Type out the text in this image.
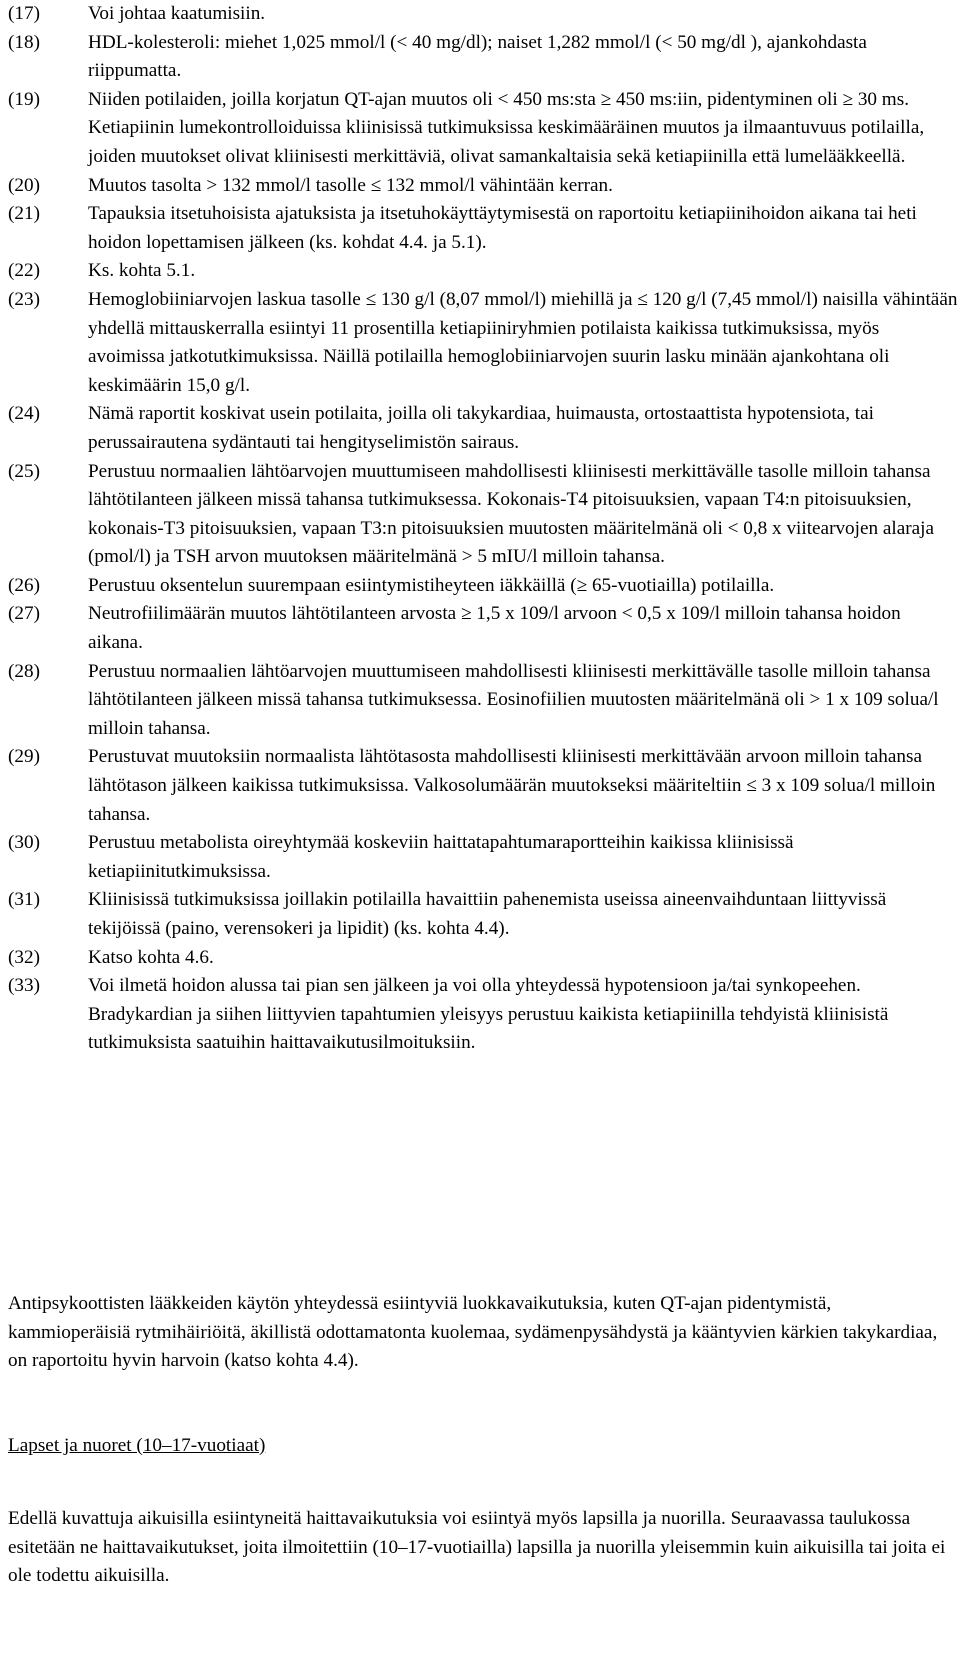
(17)	Voi johtaa kaatumisiin.
(18)	HDL-kolesteroli: miehet 1,025 mmol/l (< 40 mg/dl); naiset 1,282 mmol/l (< 50 mg/dl ), ajankohdasta riippumatta.
(19)	Niiden potilaiden, joilla korjatun QT-ajan muutos oli < 450 ms:sta ≥ 450 ms:iin, pidentyminen oli ≥ 30 ms. Ketiapiinin lumekontrolloiduissa kliinisissä tutkimuksissa keskimääräinen muutos ja ilmaantuvuus potilailla, joiden muutokset olivat kliinisesti merkittäviä, olivat samankaltaisia sekä ketiapiinilla että lumelääkkeellä.
(20)	Muutos tasolta > 132 mmol/l tasolle ≤ 132 mmol/l vähintään kerran.
(21)	Tapauksia itsetuhoisista ajatuksista ja itsetuhokäyttäytymisestä on raportoitu ketiapiinihoidon aikana tai heti hoidon lopettamisen jälkeen (ks. kohdat 4.4. ja 5.1).
(22)	Ks. kohta 5.1.
(23)	Hemoglobiiniarvojen laskua tasolle ≤ 130 g/l (8,07 mmol/l) miehillä ja ≤ 120 g/l (7,45 mmol/l) naisilla vähintään yhdellä mittauskerralla esiintyi 11 prosentilla ketiapiiniryhmien potilaista kaikissa tutkimuksissa, myös avoimissa jatkotutkimuksissa. Näillä potilailla hemoglobiiniarvojen suurin lasku minään ajankohtana oli keskimäärin 15,0 g/l.
(24)	Nämä raportit koskivat usein potilaita, joilla oli takykardiaa, huimausta, ortostaattista hypotensiota, tai perussairautena sydäntauti tai hengityselimistön sairaus.
(25)	Perustuu normaalien lähtöarvojen muuttumiseen mahdollisesti kliinisesti merkittävälle tasolle milloin tahansa lähtötilanteen jälkeen missä tahansa tutkimuksessa. Kokonais-T4 pitoisuuksien, vapaan T4:n pitoisuuksien, kokonais-T3 pitoisuuksien, vapaan T3:n pitoisuuksien muutosten määritelmänä oli < 0,8 x viitearvojen alaraja (pmol/l) ja TSH arvon muutoksen määritelmänä > 5 mIU/l milloin tahansa.
(26)	Perustuu oksentelun suurempaan esiintymistiheyteen iäkkäillä (≥ 65-vuotiailla) potilailla.
(27)	Neutrofiilimäärän muutos lähtötilanteen arvosta ≥ 1,5 x 109/l arvoon < 0,5 x 109/l milloin tahansa hoidon aikana.
(28)	Perustuu normaalien lähtöarvojen muuttumiseen mahdollisesti kliinisesti merkittävälle tasolle milloin tahansa lähtötilanteen jälkeen missä tahansa tutkimuksessa. Eosinofiilien muutosten määritelmänä oli > 1 x 109 solua/l milloin tahansa.
(29)	Perustuvat muutoksiin normaalista lähtötasosta mahdollisesti kliinisesti merkittävään arvoon milloin tahansa lähtötason jälkeen kaikissa tutkimuksissa. Valkosolumäärän muutokseksi määriteltiin ≤ 3 x 109 solua/l milloin tahansa.
(30)	Perustuu metabolista oireyhtymää koskeviin haittatapahtumaraportteihin kaikissa kliinisissä ketiapiinitutkimuksissa.
(31)	Kliinisissä tutkimuksissa joillakin potilailla havaittiin pahenemista useissa aineenvaihduntaan liittyvissä tekijöissä (paino, verensokeri ja lipidit) (ks. kohta 4.4).
(32)	Katso kohta 4.6.
(33)	Voi ilmetä hoidon alussa tai pian sen jälkeen ja voi olla yhteydessä hypotensioon ja/tai synkopeehen. Bradykardian ja siihen liittyvien tapahtumien yleisyys perustuu kaikista ketiapiinilla tehdyistä kliinisistä tutkimuksista saatuihin haittavaikutusilmoituksiin.

Antipsykoottisten lääkkeiden käytön yhteydessä esiintyviä luokkavaikutuksia, kuten QT-ajan pidentymistä, kammioperäisiä rytmihäiriöitä, äkillistä odottamatonta kuolemaa, sydämenpysähdystä ja kääntyvien kärkien takykardiaa, on raportoitu hyvin harvoin (katso kohta 4.4).

Lapset ja nuoret (10–17-vuotiaat)

Edellä kuvattuja aikuisilla esiintyneitä haittavaikutuksia voi esiintyä myös lapsilla ja nuorilla. Seuraavassa taulukossa esitetään ne haittavaikutukset, joita ilmoitettiin (10–17-vuotiailla) lapsilla ja nuorilla yleisemmin kuin aikuisilla tai joita ei ole todettu aikuisilla.
